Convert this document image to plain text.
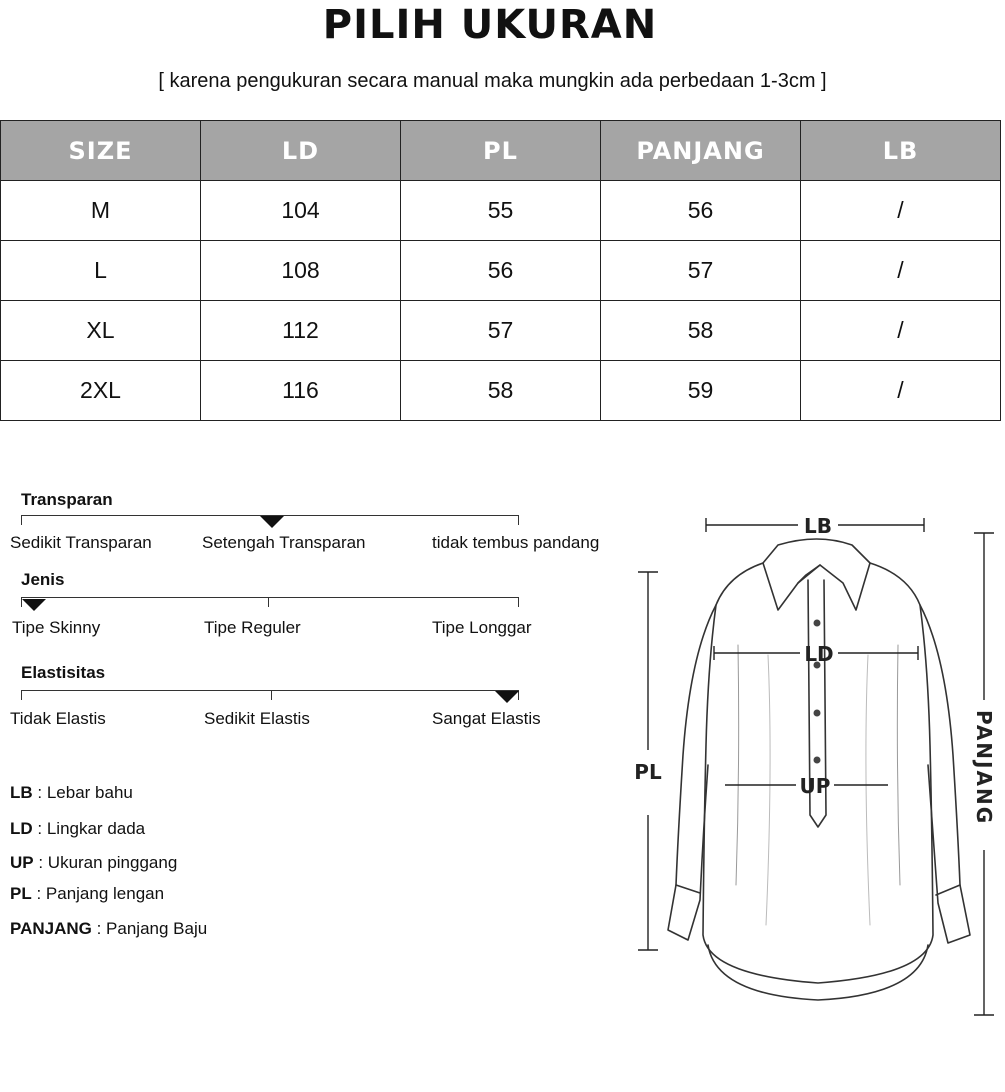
PILIH UKURAN
[ karena pengukuran secara manual maka mungkin ada perbedaan 1-3cm ]
SIZE	LD	PL	PANJANG	LB
M	104	55	56	/
L	108	56	57	/
XL	112	57	58	/
2XL	116	58	59	/
Transparan
Sedikit Transparan	Setengah Transparan	tidak tembus pandang
Jenis
Tipe Skinny	Tipe Reguler	Tipe Longgar
Elastisitas
Tidak Elastis	Sedikit Elastis	Sangat Elastis
LB : Lebar bahu
LD : Lingkar dada
UP : Ukuran pinggang
PL : Panjang lengan
PANJANG : Panjang Baju
LB
LD
UP
PL	PANJANG
